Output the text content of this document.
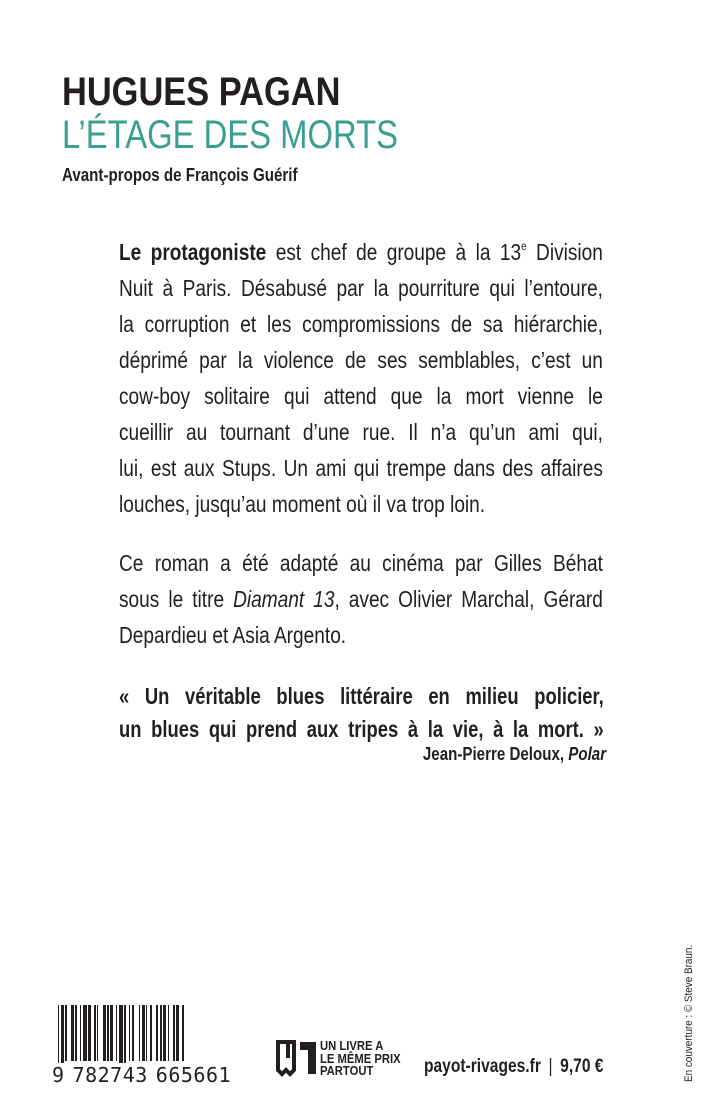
HUGUES PAGAN
L’ÉTAGE DES MORTS
Avant-propos de François Guérif
Le protagoniste est chef de groupe à la 13e Division
Nuit à Paris. Désabusé par la pourriture qui l’entoure,
la corruption et les compromissions de sa hiérarchie,
déprimé par la violence de ses semblables, c’est un
cow-boy solitaire qui attend que la mort vienne le
cueillir au tournant d’une rue. Il n’a qu’un ami qui,
lui, est aux Stups. Un ami qui trempe dans des affaires
louches, jusqu’au moment où il va trop loin.
Ce roman a été adapté au cinéma par Gilles Béhat
sous le titre Diamant 13, avec Olivier Marchal, Gérard
Depardieu et Asia Argento.
« Un véritable blues littéraire en milieu policier,
un blues qui prend aux tripes à la vie, à la mort. »
Jean-Pierre Deloux, Polar
9 782743 665661
UN LIVRE A
LE MÊME PRIX
PARTOUT	payot-rivages.fr | 9,70 €	En couverture : © Steve Braun.
